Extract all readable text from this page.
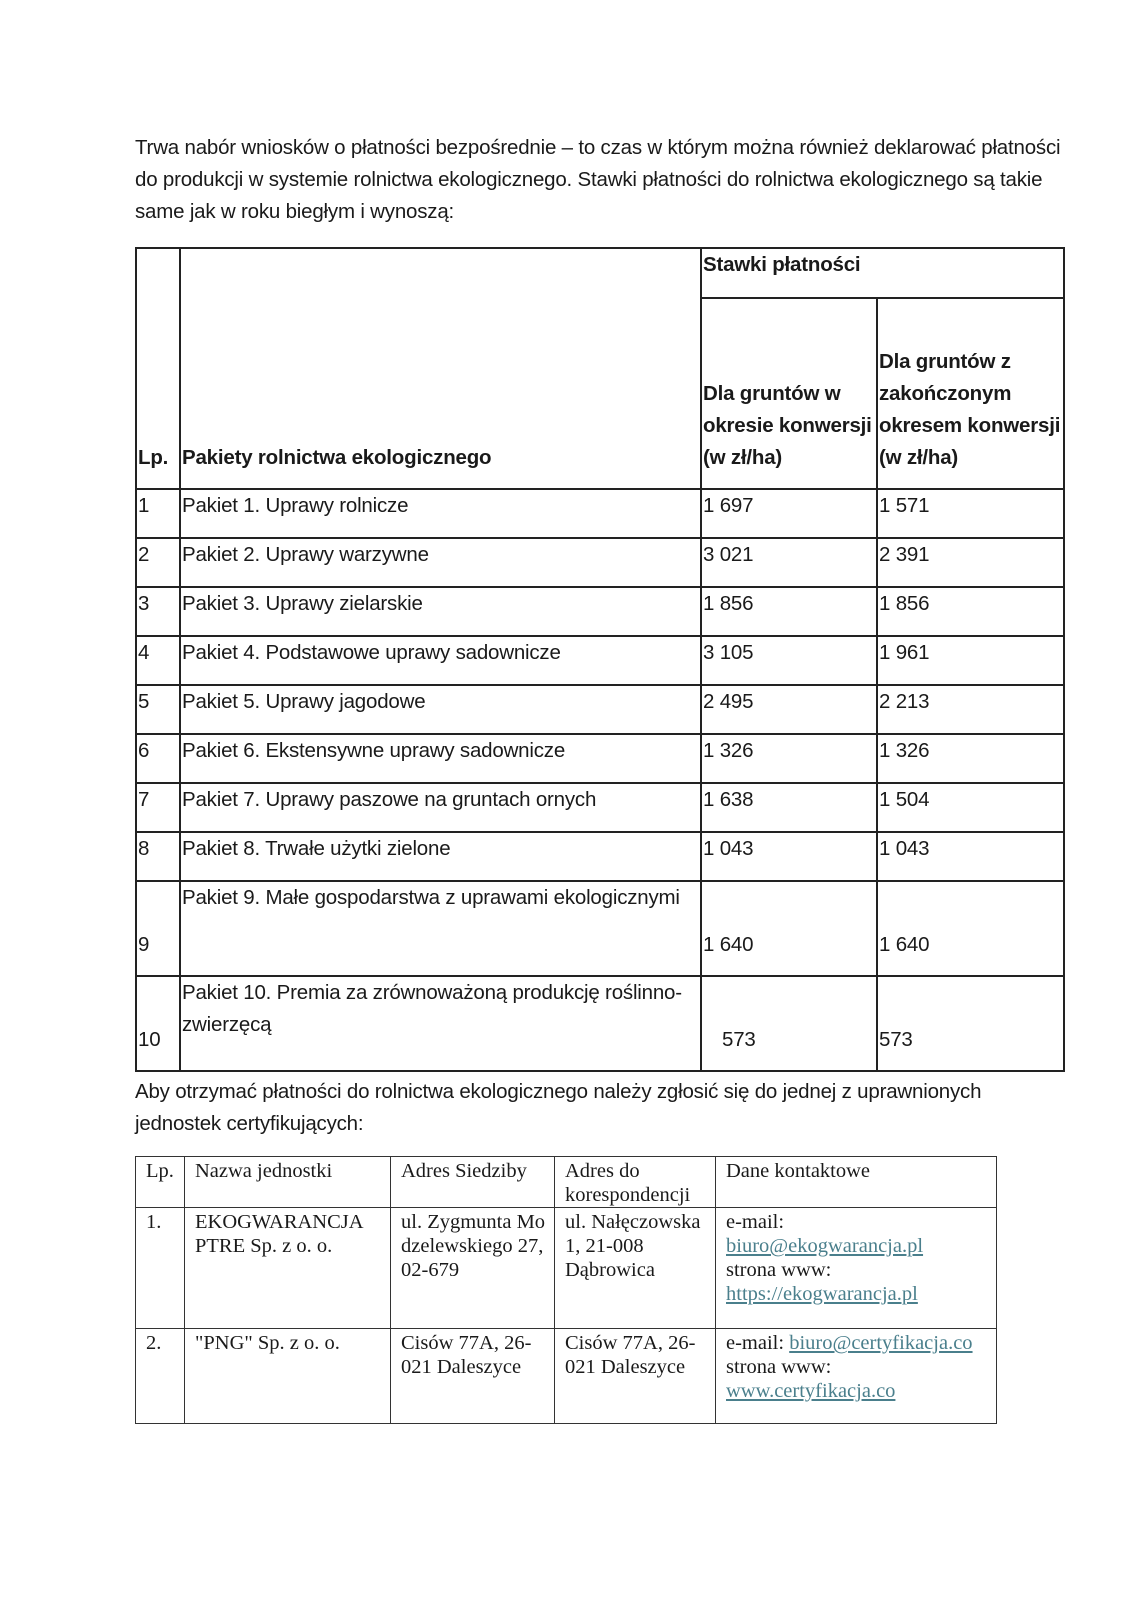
Trwa nabór wniosków o płatności bezpośrednie – to czas w którym można również deklarować płatności do produkcji w systemie rolnictwa ekologicznego. Stawki płatności do rolnictwa ekologicznego są takie same jak w roku biegłym i wynoszą:

Lp.	Pakiety rolnictwa ekologicznego	Stawki płatności	
		Dla gruntów w okresie konwersji (w zł/ha)	Dla gruntów z zakończonym okresem konwersji (w zł/ha)
1	Pakiet 1. Uprawy rolnicze	1 697	1 571
2	Pakiet 2. Uprawy warzywne	3 021	2 391
3	Pakiet 3. Uprawy zielarskie	1 856	1 856
4	Pakiet 4. Podstawowe uprawy sadownicze	3 105	1 961
5	Pakiet 5. Uprawy jagodowe	2 495	2 213
6	Pakiet 6. Ekstensywne uprawy sadownicze	1 326	1 326
7	Pakiet 7. Uprawy paszowe na gruntach ornych	1 638	1 504
8	Pakiet 8. Trwałe użytki zielone	1 043	1 043
9	Pakiet 9. Małe gospodarstwa z uprawami ekologicznymi	1 640	1 640
10	Pakiet 10. Premia za zrównoważoną produkcję roślinno-zwierzęcą	573	573

Aby otrzymać płatności do rolnictwa ekologicznego należy zgłosić się do jednej z uprawnionych jednostek certyfikujących:

Lp.	Nazwa jednostki	Adres Siedziby	Adres do korespondencji	Dane kontaktowe
1.	EKOGWARANCJA PTRE Sp. z o. o.	ul. Zygmunta Modzelewskiego 27, 02-679	ul. Nałęczowska 1, 21-008 Dąbrowica	e-mail:
biuro@ekogwarancja.pl
strona www:
https://ekogwarancja.pl

2.	"PNG" Sp. z o. o.	Cisów 77A, 26-021 Daleszyce	Cisów 77A, 26-021 Daleszyce	e-mail: biuro@certyfikacja.co
strona www:
www.certyfikacja.co
